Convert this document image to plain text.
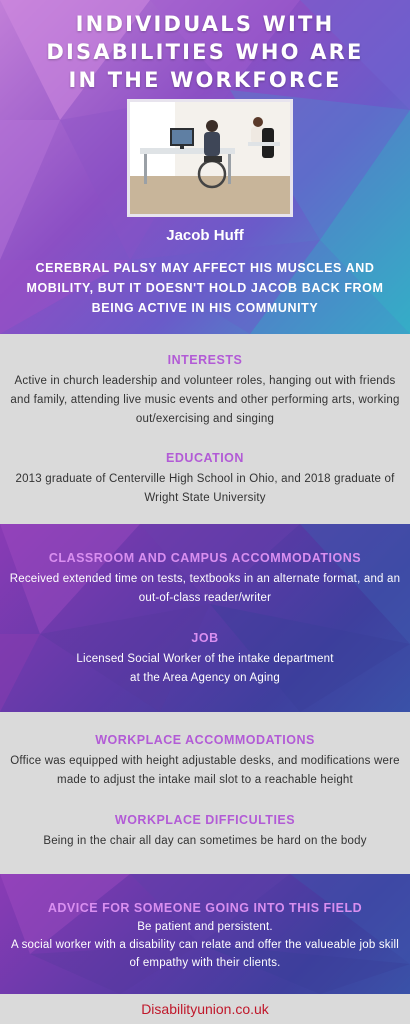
INDIVIDUALS WITH
DISABILITIES WHO ARE
IN THE WORKFORCE
Jacob Huff
CEREBRAL PALSY MAY AFFECT HIS MUSCLES AND MOBILITY, BUT IT DOESN'T HOLD JACOB BACK FROM BEING ACTIVE IN HIS COMMUNITY
INTERESTS
Active in church leadership and volunteer roles, hanging out with friends and family, attending live music events and other performing arts, working out/exercising and singing
EDUCATION
2013 graduate of Centerville High School in Ohio, and 2018 graduate of Wright State University
CLASSROOM AND CAMPUS ACCOMMODATIONS
Received extended time on tests, textbooks in an alternate format, and an out-of-class reader/writer
JOB
Licensed Social Worker of the intake department
at the Area Agency on Aging
WORKPLACE ACCOMMODATIONS
Office was equipped with height adjustable desks, and modifications were made to adjust the intake mail slot to a reachable height
WORKPLACE DIFFICULTIES
Being in the chair all day can sometimes be hard on the body
ADVICE FOR SOMEONE GOING INTO THIS FIELD
Be patient and persistent.
A social worker with a disability can relate and offer the valueable job skill of empathy with their clients.
Disabilityunion.co.uk
